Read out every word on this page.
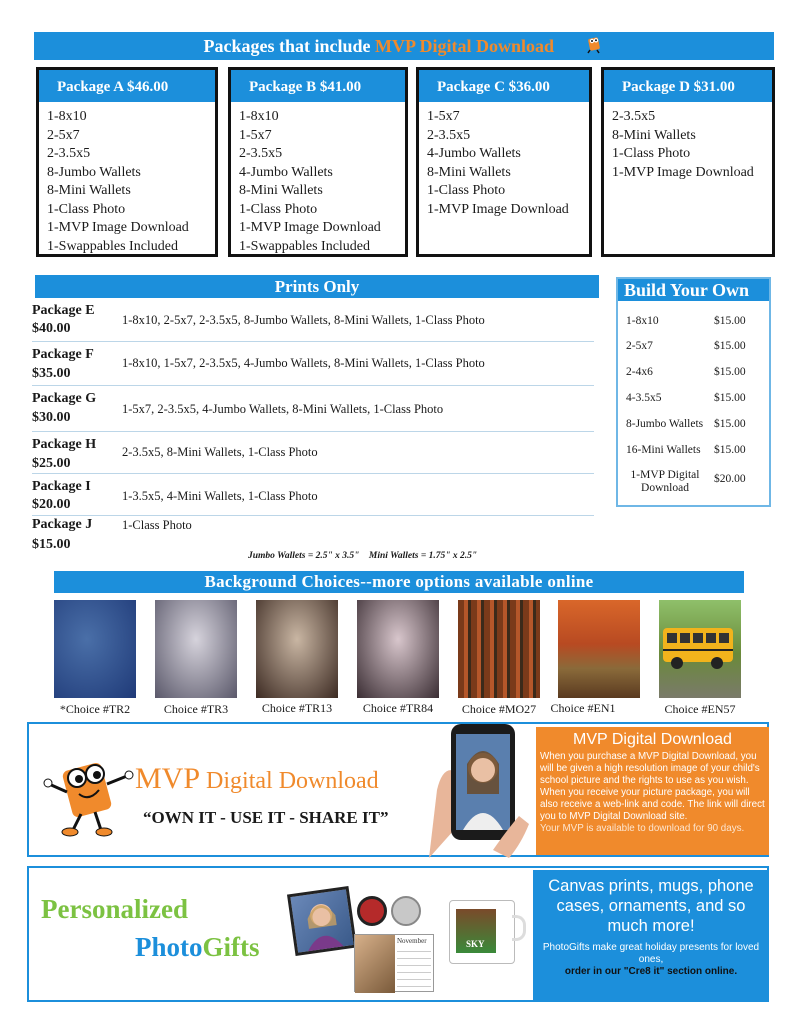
Packages that include MVP Digital Download
Package A $46.00
1-8x10
2-5x7
2-3.5x5
8-Jumbo Wallets
8-Mini Wallets
1-Class Photo
1-MVP Image Download
1-Swappables Included
Package B $41.00
1-8x10
1-5x7
2-3.5x5
4-Jumbo Wallets
8-Mini Wallets
1-Class Photo
1-MVP Image Download
1-Swappables Included
Package C $36.00
1-5x7
2-3.5x5
4-Jumbo Wallets
8-Mini Wallets
1-Class Photo
1-MVP Image Download
Package D $31.00
2-3.5x5
8-Mini Wallets
1-Class Photo
1-MVP Image Download
Prints Only
Package E
$40.00
1-8x10, 2-5x7, 2-3.5x5, 8-Jumbo Wallets, 8-Mini Wallets, 1-Class Photo
Package F
$35.00
1-8x10, 1-5x7, 2-3.5x5, 4-Jumbo Wallets, 8-Mini Wallets, 1-Class Photo
Package G
$30.00
1-5x7, 2-3.5x5, 4-Jumbo Wallets, 8-Mini Wallets, 1-Class Photo
Package H
$25.00
2-3.5x5, 8-Mini Wallets, 1-Class Photo
Package I
$20.00
1-3.5x5, 4-Mini Wallets, 1-Class Photo
Package J
$15.00
1-Class Photo
Jumbo Wallets = 2.5" x 3.5"    Mini Wallets = 1.75" x 2.5"
Build Your Own
1-8x10	$15.00
2-5x7	$15.00
2-4x6	$15.00
4-3.5x5	$15.00
8-Jumbo Wallets $15.00
16-Mini Wallets $15.00
1-MVP Digital Download
$20.00
Background Choices--more options available online
*Choice #TR2	Choice #TR3	Choice #TR13	Choice #TR84	Choice #MO27	Choice #EN1	Choice #EN57
MVP Digital Download
“OWN IT - USE IT - SHARE IT”
MVP Digital Download
When you purchase a MVP Digital Download, you will be given a high resolution image of your child's school picture and the rights to use as you wish. When you receive your picture package, you will also receive a web-link and code. The link will direct you to MVP Digital Download site.
Your MVP is available to download for 90 days.
Personalized
PhotoGifts	November	SKY
Canvas prints, mugs, phone cases, ornaments, and so much more!
PhotoGifts make great holiday presents for loved ones,
order in our "Cre8 it" section online.
